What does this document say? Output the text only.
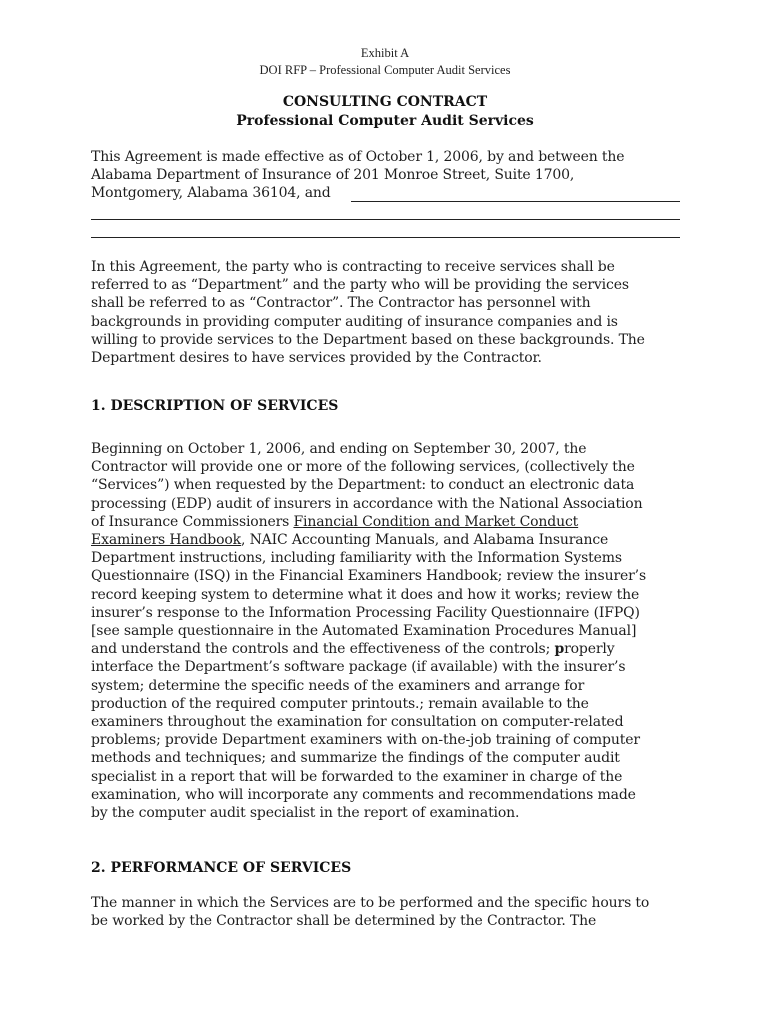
Exhibit A
DOI RFP – Professional Computer Audit Services
CONSULTING CONTRACT
Professional Computer Audit Services
This Agreement is made effective as of October 1, 2006, by and between the
Alabama Department of Insurance of 201 Monroe Street, Suite 1700,
Montgomery, Alabama 36104, and
In this Agreement, the party who is contracting to receive services shall be
referred to as “Department” and the party who will be providing the services
shall be referred to as “Contractor”. The Contractor has personnel with
backgrounds in providing computer auditing of insurance companies and is
willing to provide services to the Department based on these backgrounds. The
Department desires to have services provided by the Contractor.
1. DESCRIPTION OF SERVICES
Beginning on October 1, 2006, and ending on September 30, 2007, the
Contractor will provide one or more of the following services, (collectively the
“Services”) when requested by the Department: to conduct an electronic data
processing (EDP) audit of insurers in accordance with the National Association
of Insurance Commissioners Financial Condition and Market Conduct
Examiners Handbook, NAIC Accounting Manuals, and Alabama Insurance
Department instructions, including familiarity with the Information Systems
Questionnaire (ISQ) in the Financial Examiners Handbook; review the insurer’s
record keeping system to determine what it does and how it works; review the
insurer’s response to the Information Processing Facility Questionnaire (IFPQ)
[see sample questionnaire in the Automated Examination Procedures Manual]
and understand the controls and the effectiveness of the controls; properly
interface the Department’s software package (if available) with the insurer’s
system; determine the specific needs of the examiners and arrange for
production of the required computer printouts.; remain available to the
examiners throughout the examination for consultation on computer-related
problems; provide Department examiners with on-the-job training of computer
methods and techniques; and summarize the findings of the computer audit
specialist in a report that will be forwarded to the examiner in charge of the
examination, who will incorporate any comments and recommendations made
by the computer audit specialist in the report of examination.
2. PERFORMANCE OF SERVICES
The manner in which the Services are to be performed and the specific hours to
be worked by the Contractor shall be determined by the Contractor. The
